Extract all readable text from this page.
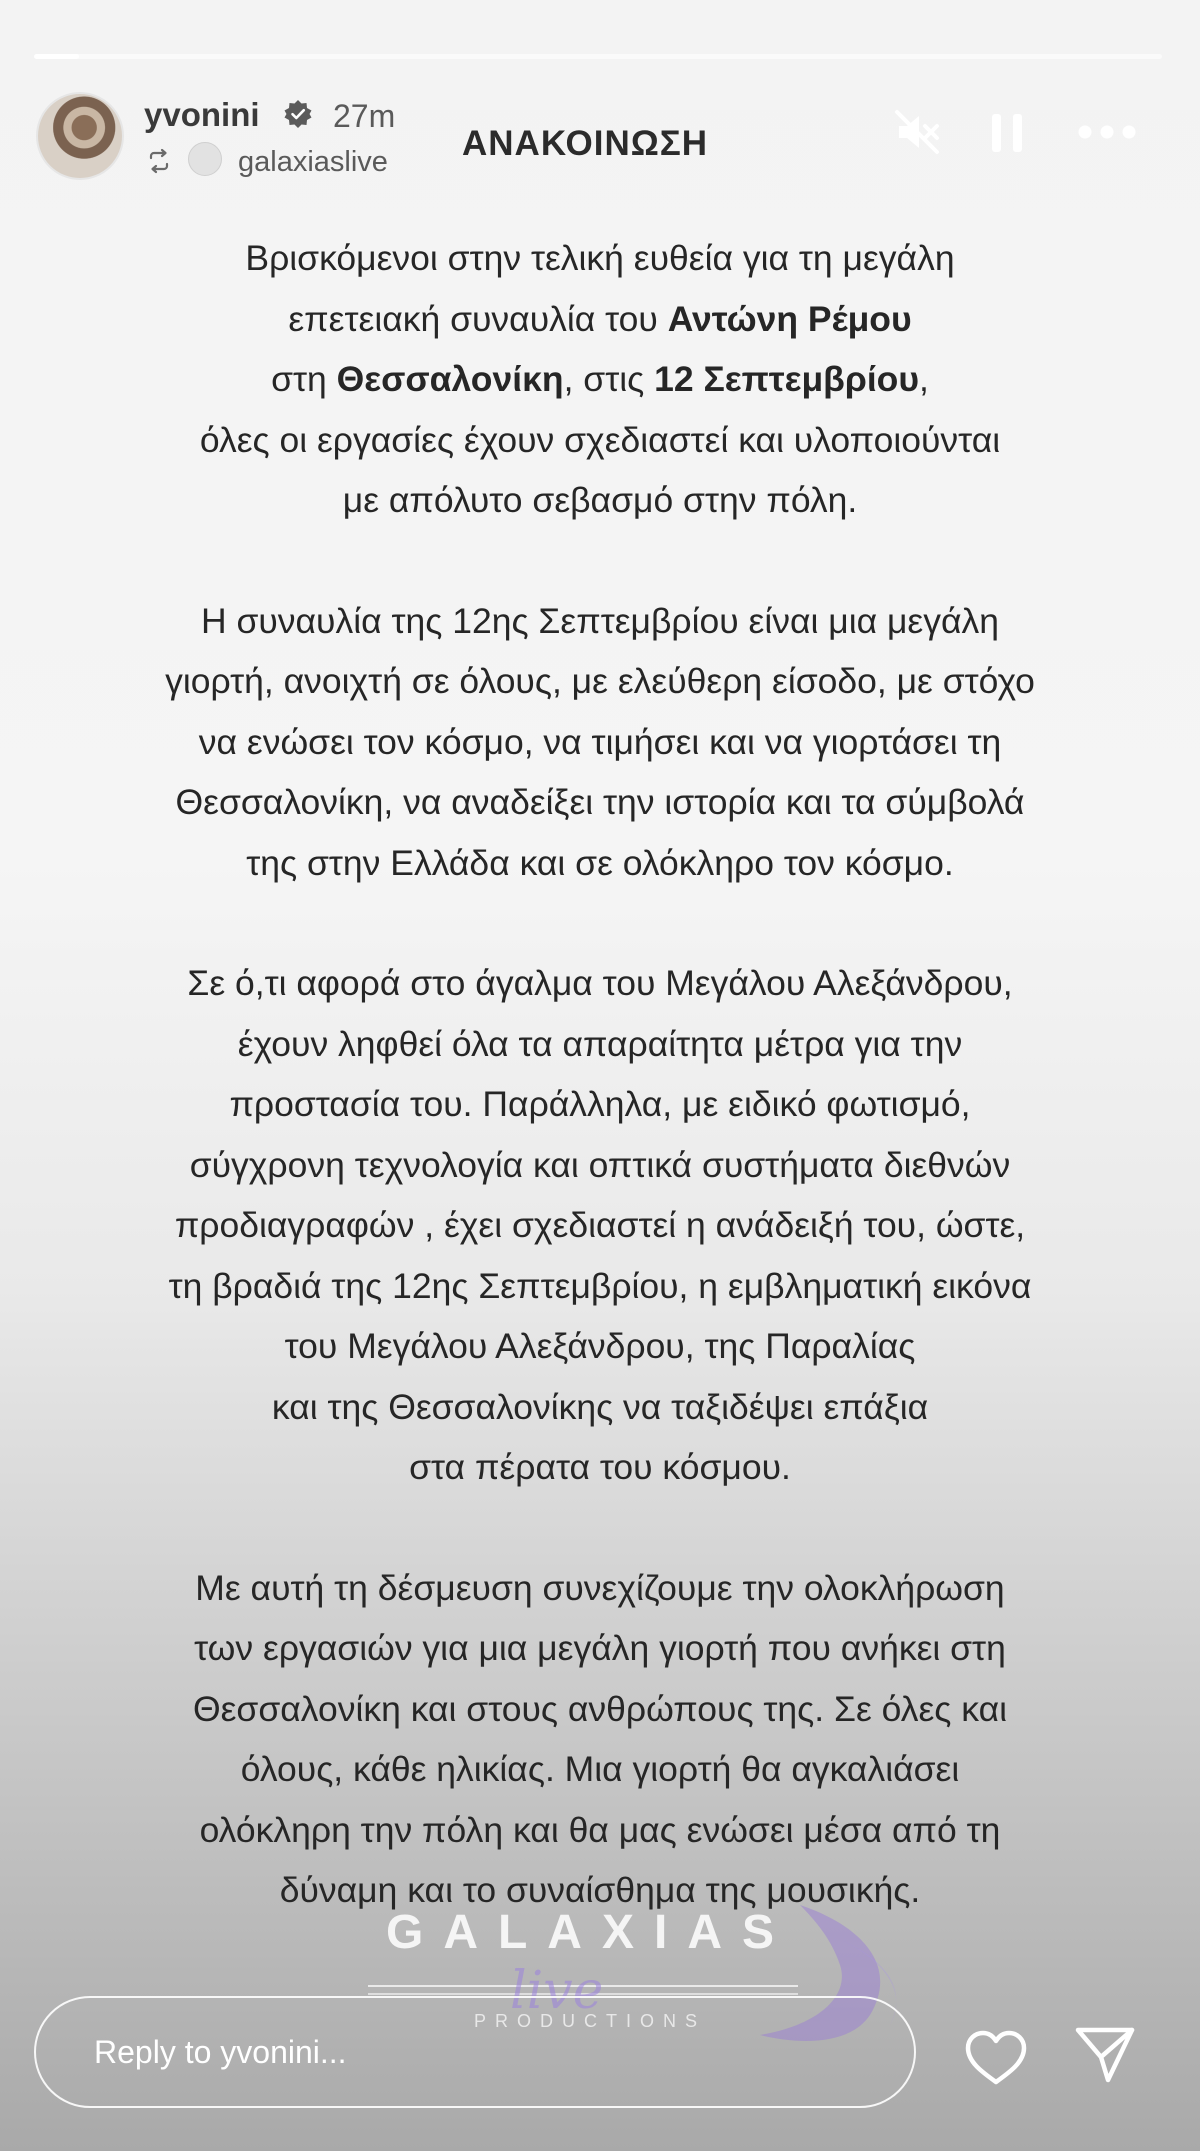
yvonini 27m
galaxiaslive ΑΝΑΚΟΙΝΩΣΗ

Βρισκόμενοι στην τελική ευθεία για τη μεγάλη
επετειακή συναυλία του Αντώνη Ρέμου
στη Θεσσαλονίκη, στις 12 Σεπτεμβρίου,
όλες οι εργασίες έχουν σχεδιαστεί και υλοποιούνται
με απόλυτο σεβασμό στην πόλη.

Η συναυλία της 12ης Σεπτεμβρίου είναι μια μεγάλη
γιορτή, ανοιχτή σε όλους, με ελεύθερη είσοδο, με στόχο
να ενώσει τον κόσμο, να τιμήσει και να γιορτάσει τη
Θεσσαλονίκη, να αναδείξει την ιστορία και τα σύμβολά
της στην Ελλάδα και σε ολόκληρο τον κόσμο.

Σε ό,τι αφορά στο άγαλμα του Μεγάλου Αλεξάνδρου,
έχουν ληφθεί όλα τα απαραίτητα μέτρα για την
προστασία του. Παράλληλα, με ειδικό φωτισμό,
σύγχρονη τεχνολογία και οπτικά συστήματα διεθνών
προδιαγραφών , έχει σχεδιαστεί η ανάδειξή του, ώστε,
τη βραδιά της 12ης Σεπτεμβρίου, η εμβληματική εικόνα
του Μεγάλου Αλεξάνδρου, της Παραλίας
και της Θεσσαλονίκης να ταξιδέψει επάξια
στα πέρατα του κόσμου.

Με αυτή τη δέσμευση συνεχίζουμε την ολοκλήρωση
των εργασιών για μια μεγάλη γιορτή που ανήκει στη
Θεσσαλονίκη και στους ανθρώπους της. Σε όλες και
όλους, κάθε ηλικίας. Μια γιορτή θα αγκαλιάσει
ολόκληρη την πόλη και θα μας ενώσει μέσα από τη
δύναμη και το συναίσθημα της μουσικής.

GALAXIAS
live
PRODUCTIONS
Reply to yvonini...
